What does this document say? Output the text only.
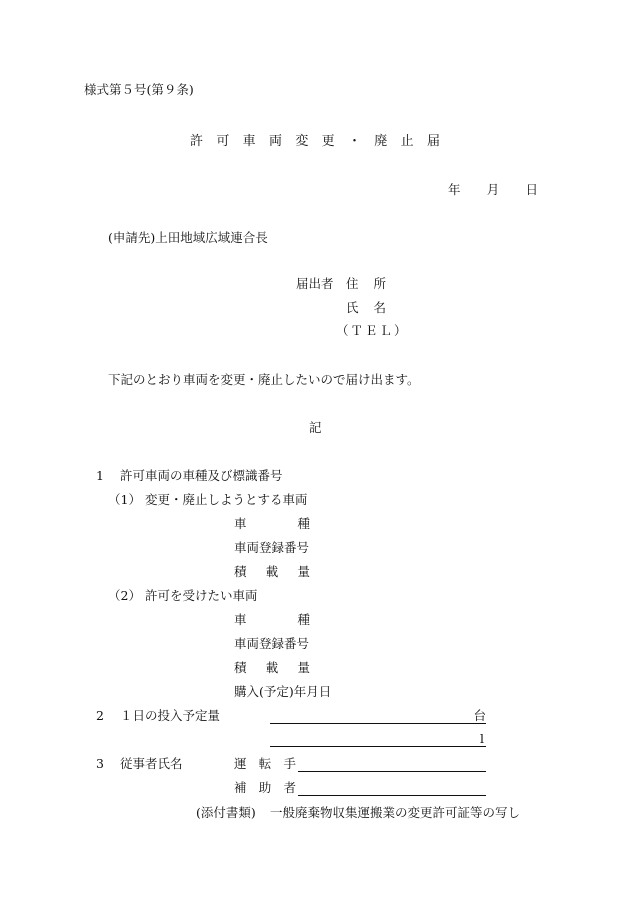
様式第５号(第９条)
許 可 車 両 変 更 ・ 廃 止 届
年 月 日
(申請先)上田地域広域連合長
届出者 住 所
氏 名
（ＴＥＬ）
下記のとおり車両を変更・廃止したいので届け出ます。
記
1 許可車両の車種及び標識番号
（1） 変更・廃止しようとする車両
車	種
車両登録番号
積 載 量
（2） 許可を受けたい車両
車	種
車両登録番号
積 載 量
購入(予定)年月日
2 １日の投入予定量	台
l
3 従事者氏名	運 転 手
補 助 者
(添付書類) 一般廃棄物収集運搬業の変更許可証等の写し
